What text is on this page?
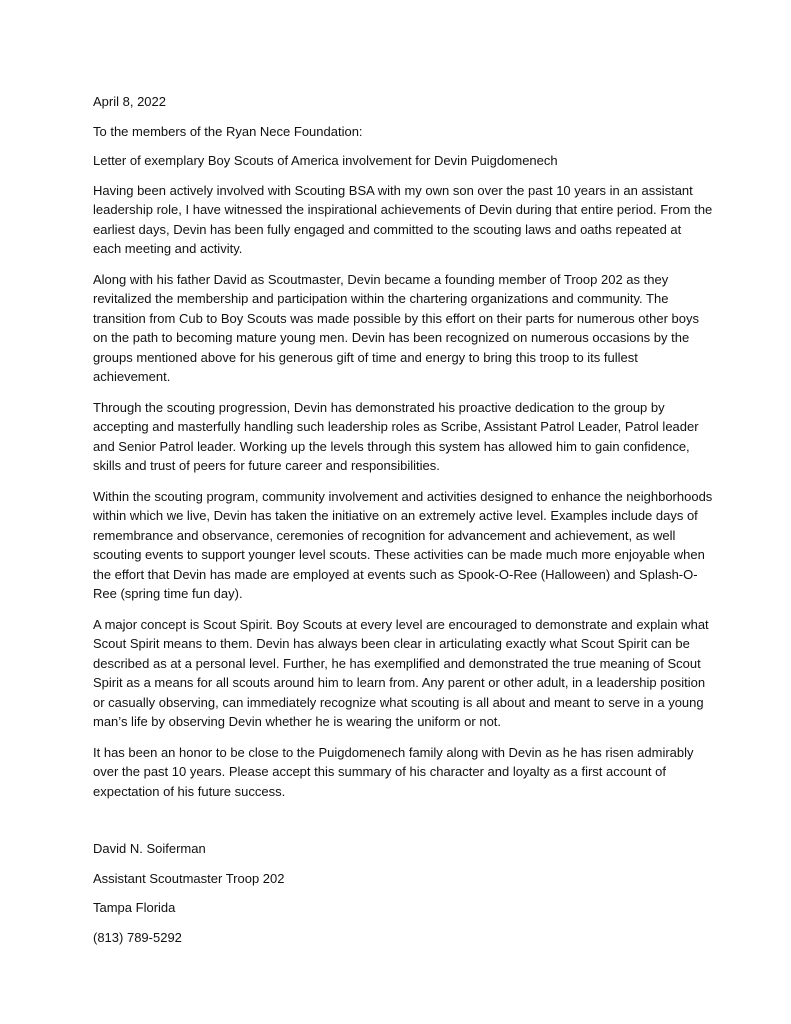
April 8, 2022

To the members of the Ryan Nece Foundation:

Letter of exemplary Boy Scouts of America involvement for Devin Puigdomenech

Having been actively involved with Scouting BSA with my own son over the past 10 years in an assistant leadership role, I have witnessed the inspirational achievements of Devin during that entire period. From the earliest days, Devin has been fully engaged and committed to the scouting laws and oaths repeated at each meeting and activity.

Along with his father David as Scoutmaster, Devin became a founding member of Troop 202 as they revitalized the membership and participation within the chartering organizations and community. The transition from Cub to Boy Scouts was made possible by this effort on their parts for numerous other boys on the path to becoming mature young men. Devin has been recognized on numerous occasions by the groups mentioned above for his generous gift of time and energy to bring this troop to its fullest achievement.

Through the scouting progression, Devin has demonstrated his proactive dedication to the group by accepting and masterfully handling such leadership roles as Scribe, Assistant Patrol Leader, Patrol leader and Senior Patrol leader. Working up the levels through this system has allowed him to gain confidence, skills and trust of peers for future career and responsibilities.

Within the scouting program, community involvement and activities designed to enhance the neighborhoods within which we live, Devin has taken the initiative on an extremely active level. Examples include days of remembrance and observance, ceremonies of recognition for advancement and achievement, as well scouting events to support younger level scouts. These activities can be made much more enjoyable when the effort that Devin has made are employed at events such as Spook-O-Ree (Halloween) and Splash-O-Ree (spring time fun day).

A major concept is Scout Spirit. Boy Scouts at every level are encouraged to demonstrate and explain what Scout Spirit means to them. Devin has always been clear in articulating exactly what Scout Spirit can be described as at a personal level. Further, he has exemplified and demonstrated the true meaning of Scout Spirit as a means for all scouts around him to learn from. Any parent or other adult, in a leadership position or casually observing, can immediately recognize what scouting is all about and meant to serve in a young man’s life by observing Devin whether he is wearing the uniform or not.

It has been an honor to be close to the Puigdomenech family along with Devin as he has risen admirably over the past 10 years. Please accept this summary of his character and loyalty as a first account of expectation of his future success.

David N. Soiferman

Assistant Scoutmaster Troop 202

Tampa Florida

(813) 789-5292
